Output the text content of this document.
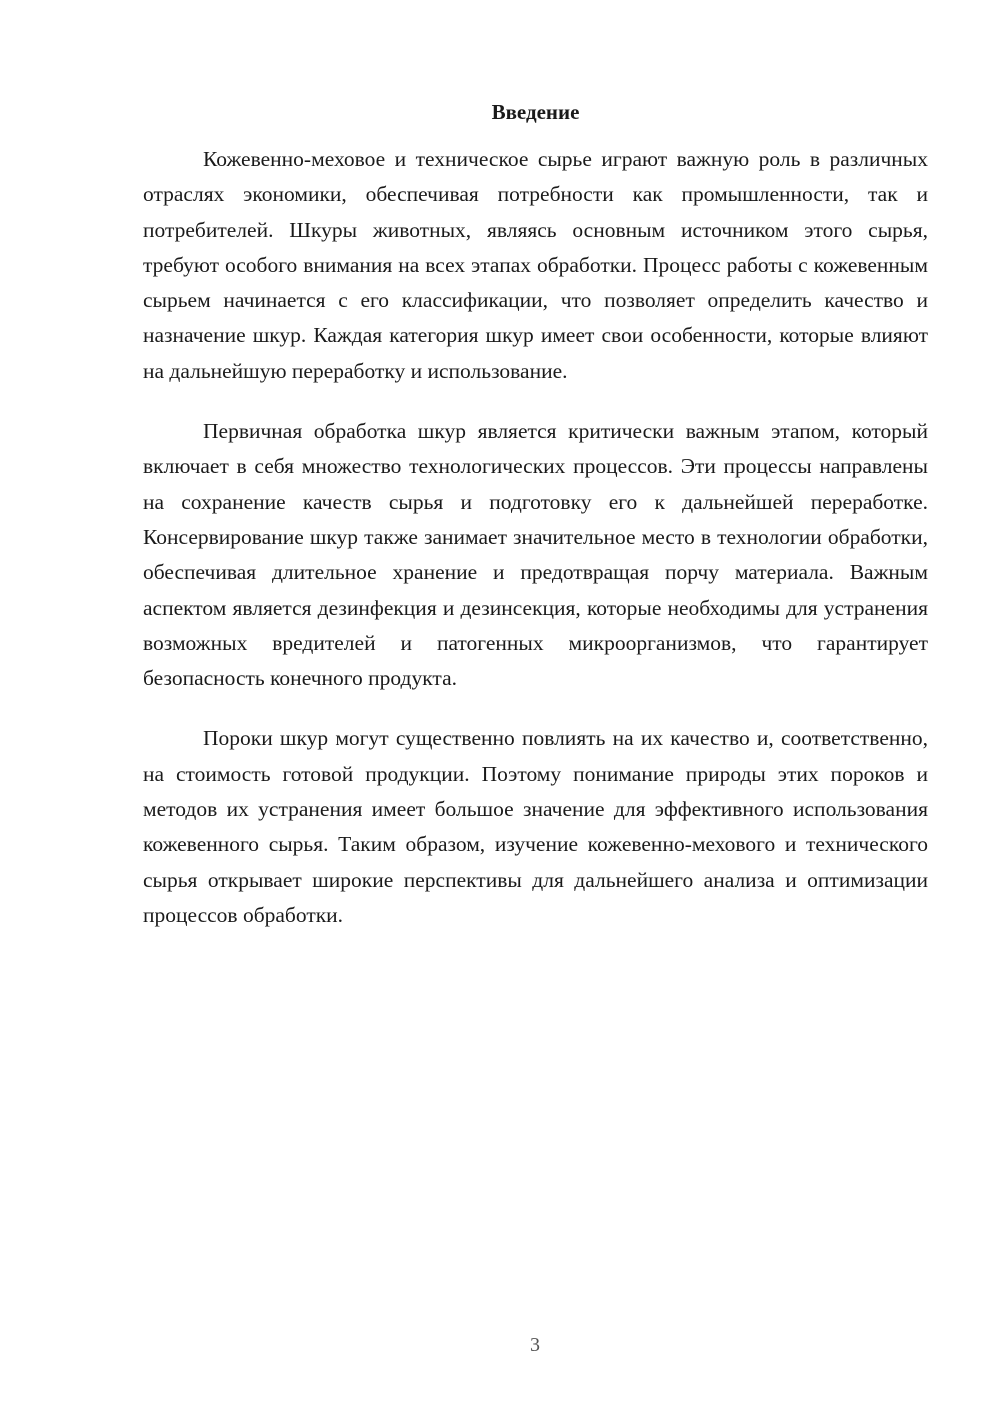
Введение

Кожевенно-меховое и техническое сырье играют важную роль в различных отраслях экономики, обеспечивая потребности как промышленности, так и потребителей. Шкуры животных, являясь основным источником этого сырья, требуют особого внимания на всех этапах обработки. Процесс работы с кожевенным сырьем начинается с его классификации, что позволяет определить качество и назначение шкур. Каждая категория шкур имеет свои особенности, которые влияют на дальнейшую переработку и использование.

Первичная обработка шкур является критически важным этапом, который включает в себя множество технологических процессов. Эти процессы направлены на сохранение качеств сырья и подготовку его к дальнейшей переработке. Консервирование шкур также занимает значительное место в технологии обработки, обеспечивая длительное хранение и предотвращая порчу материала. Важным аспектом является дезинфекция и дезинсекция, которые необходимы для устранения возможных вредителей и патогенных микроорганизмов, что гарантирует безопасность конечного продукта.

Пороки шкур могут существенно повлиять на их качество и, соответственно, на стоимость готовой продукции. Поэтому понимание природы этих пороков и методов их устранения имеет большое значение для эффективного использования кожевенного сырья. Таким образом, изучение кожевенно-мехового и технического сырья открывает широкие перспективы для дальнейшего анализа и оптимизации процессов обработки.

3
